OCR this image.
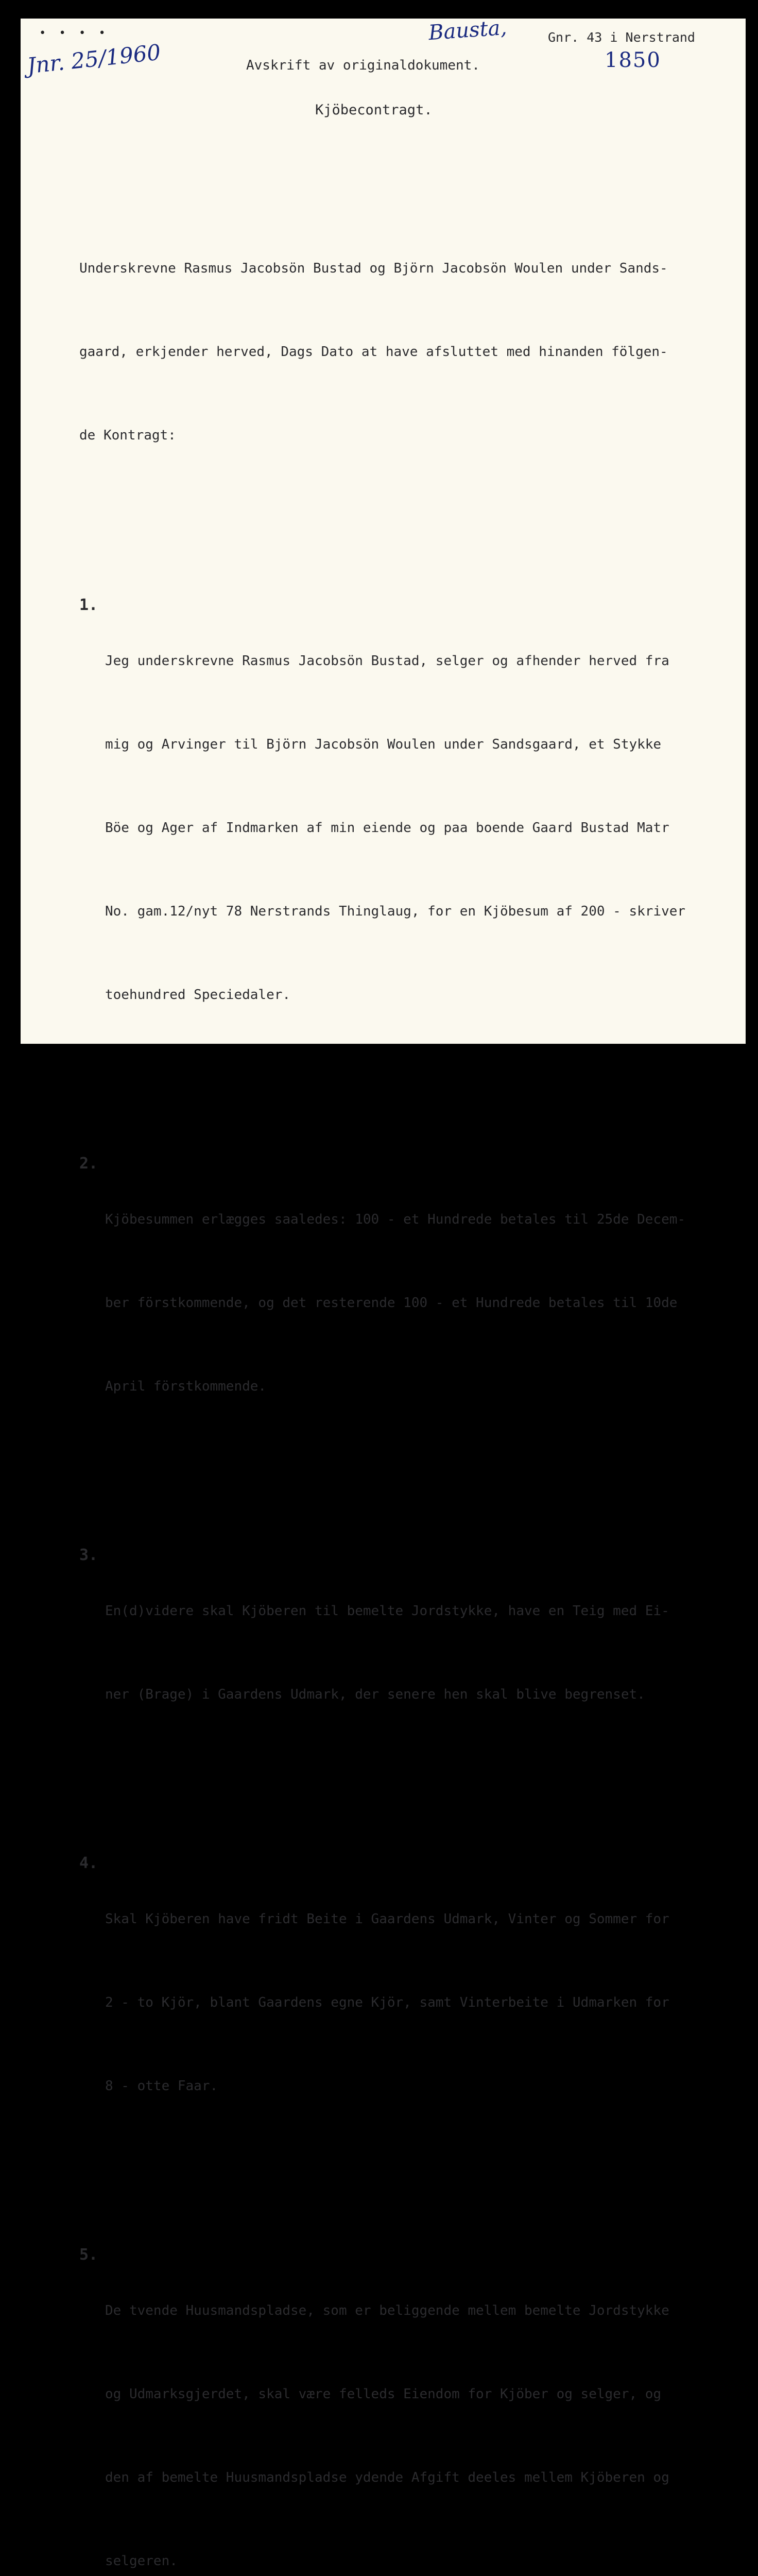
• • • •
Jnr. 25/1960
Bausta,
1850
Gnr. 43 i Nerstrand
Avskrift av originaldokument.
Kjöbecontragt.

Underskrevne Rasmus Jacobsön Bustad og Björn Jacobsön Woulen under Sands-

gaard, erkjender herved, Dags Dato at have afsluttet med hinanden fölgen-

de Kontragt:

1.

Jeg underskrevne Rasmus Jacobsön Bustad, selger og afhender herved fra

mig og Arvinger til Björn Jacobsön Woulen under Sandsgaard, et Stykke

Böe og Ager af Indmarken af min eiende og paa boende Gaard Bustad Matr

No. gam.12/nyt 78 Nerstrands Thinglaug, for en Kjöbesum af 200 - skriver

toehundred Speciedaler.

2.

Kjöbesummen erlægges saaledes: 100 - et Hundrede betales til 25de Decem-

ber förstkommende, og det resterende 100 - et Hundrede betales til 10de

April förstkommende.

3.

En(d)videre skal Kjöberen til bemelte Jordstykke, have en Teig med Ei-

ner (Brage) i Gaardens Udmark, der senere hen skal blive begrenset.

4.

Skal Kjöberen have fridt Beite i Gaardens Udmark, Vinter og Sommer for

2 - to Kjör, blant Gaardens egne Kjör, samt Vinterbeite i Udmarken for

8 - otte Faar.

5.

De tvende Huusmandspladse, som er beliggende mellem bemelte Jordstykke

og Udmarksgjerdet, skal være felleds Eiendom for Kjöber og selger, og

den af bemelte Huusmandspladse ydende Afgift deeles mellem Kjöberen og

selgeren.
